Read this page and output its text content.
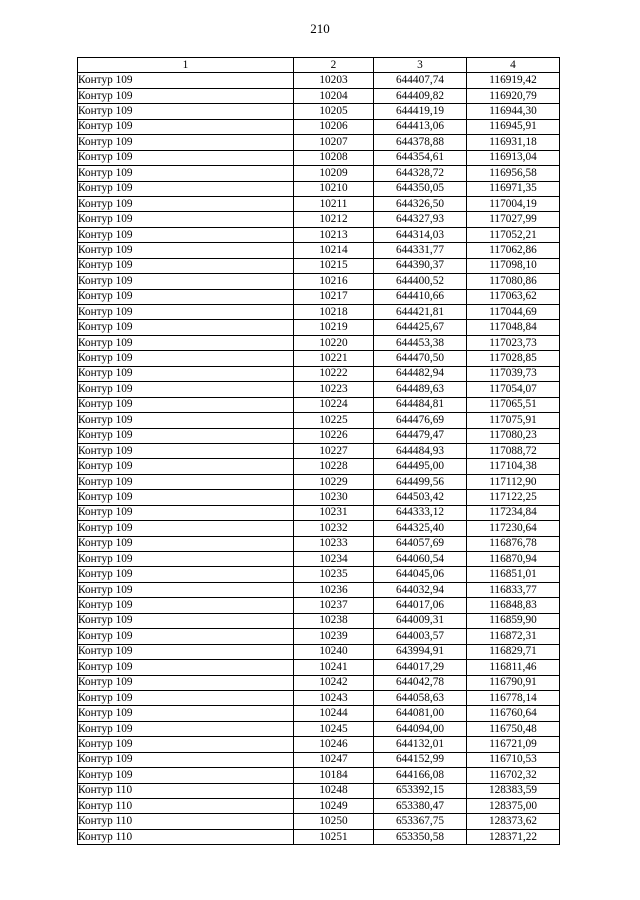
210
1	2	3	4
Контур 109	10203	644407,74	116919,42
Контур 109	10204	644409,82	116920,79
Контур 109	10205	644419,19	116944,30
Контур 109	10206	644413,06	116945,91
Контур 109	10207	644378,88	116931,18
Контур 109	10208	644354,61	116913,04
Контур 109	10209	644328,72	116956,58
Контур 109	10210	644350,05	116971,35
Контур 109	10211	644326,50	117004,19
Контур 109	10212	644327,93	117027,99
Контур 109	10213	644314,03	117052,21
Контур 109	10214	644331,77	117062,86
Контур 109	10215	644390,37	117098,10
Контур 109	10216	644400,52	117080,86
Контур 109	10217	644410,66	117063,62
Контур 109	10218	644421,81	117044,69
Контур 109	10219	644425,67	117048,84
Контур 109	10220	644453,38	117023,73
Контур 109	10221	644470,50	117028,85
Контур 109	10222	644482,94	117039,73
Контур 109	10223	644489,63	117054,07
Контур 109	10224	644484,81	117065,51
Контур 109	10225	644476,69	117075,91
Контур 109	10226	644479,47	117080,23
Контур 109	10227	644484,93	117088,72
Контур 109	10228	644495,00	117104,38
Контур 109	10229	644499,56	117112,90
Контур 109	10230	644503,42	117122,25
Контур 109	10231	644333,12	117234,84
Контур 109	10232	644325,40	117230,64
Контур 109	10233	644057,69	116876,78
Контур 109	10234	644060,54	116870,94
Контур 109	10235	644045,06	116851,01
Контур 109	10236	644032,94	116833,77
Контур 109	10237	644017,06	116848,83
Контур 109	10238	644009,31	116859,90
Контур 109	10239	644003,57	116872,31
Контур 109	10240	643994,91	116829,71
Контур 109	10241	644017,29	116811,46
Контур 109	10242	644042,78	116790,91
Контур 109	10243	644058,63	116778,14
Контур 109	10244	644081,00	116760,64
Контур 109	10245	644094,00	116750,48
Контур 109	10246	644132,01	116721,09
Контур 109	10247	644152,99	116710,53
Контур 109	10184	644166,08	116702,32
Контур 110	10248	653392,15	128383,59
Контур 110	10249	653380,47	128375,00
Контур 110	10250	653367,75	128373,62
Контур 110	10251	653350,58	128371,22
